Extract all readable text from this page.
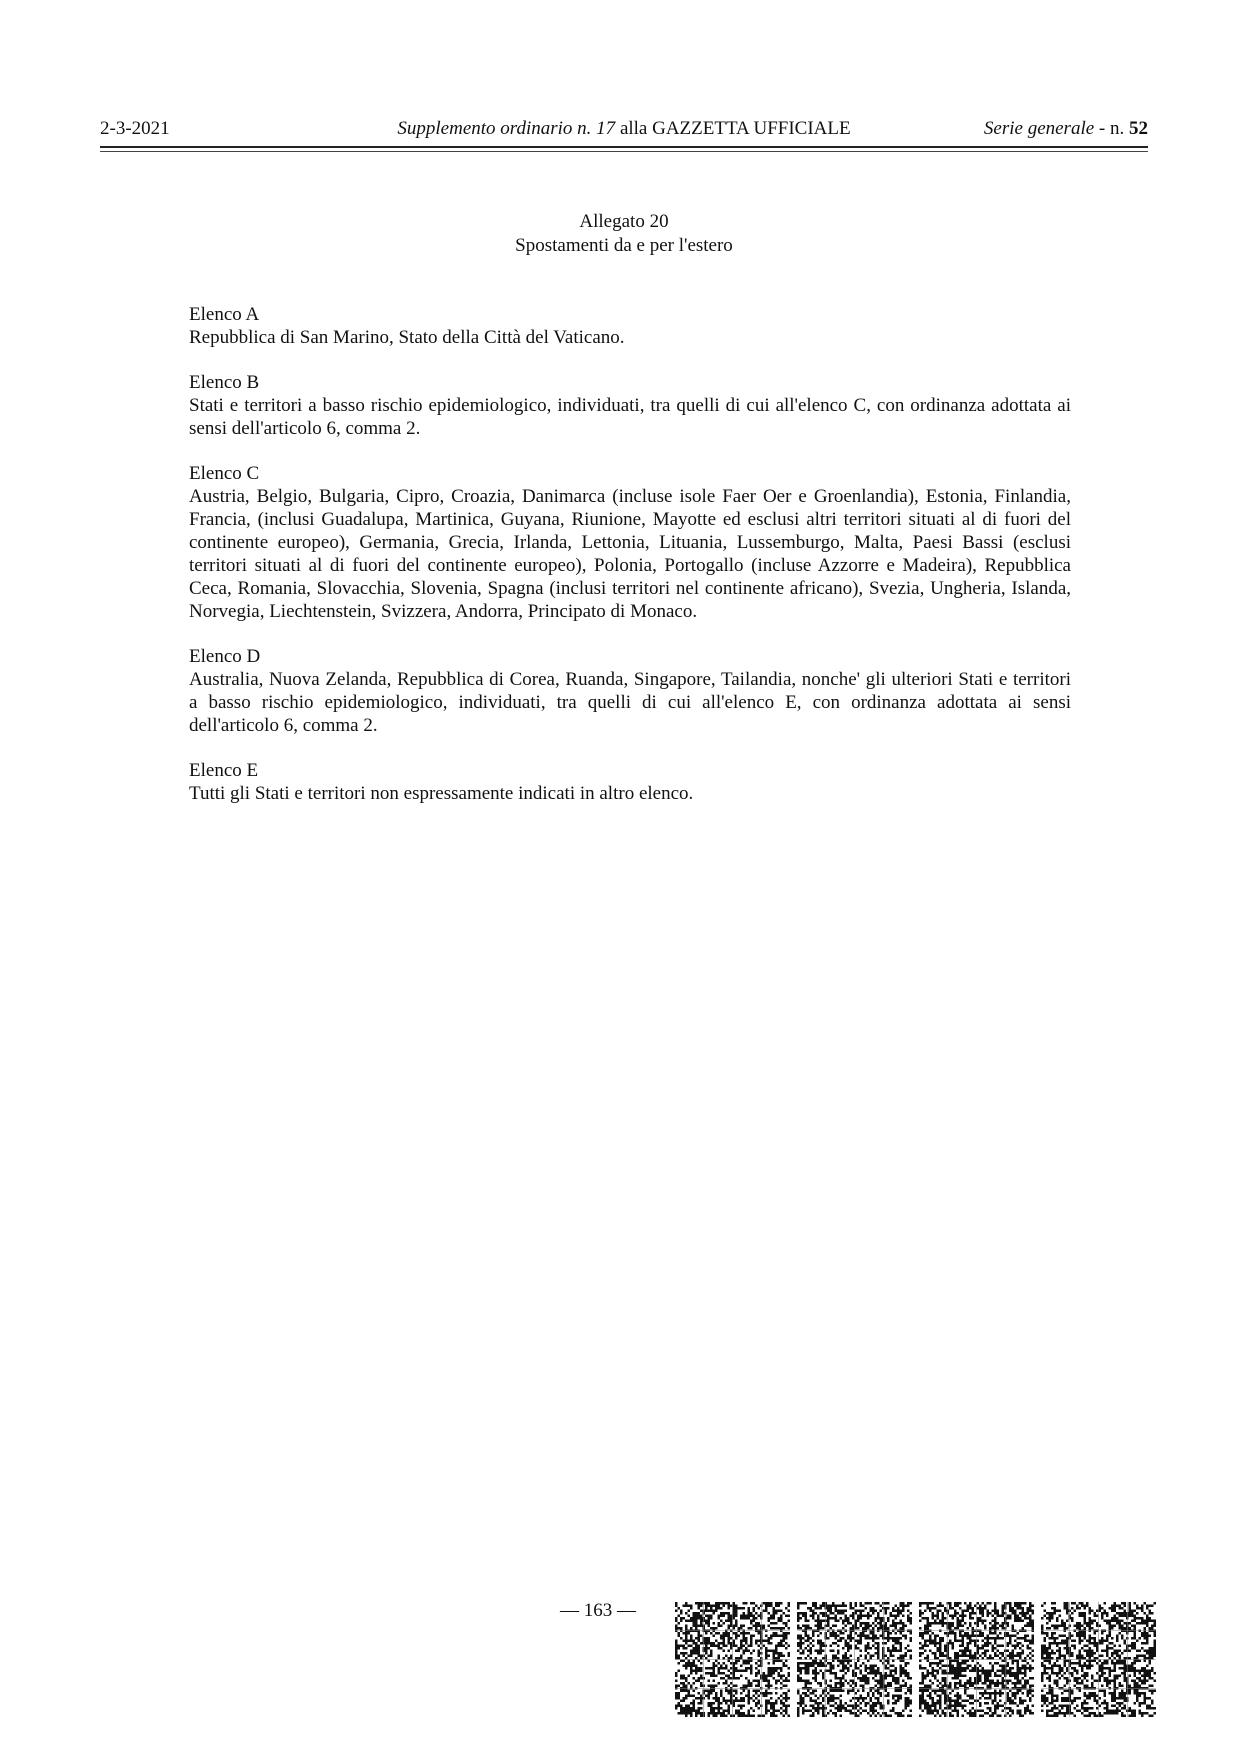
2-3-2021	Supplemento ordinario n. 17 alla GAZZETTA UFFICIALE	Serie generale - n. 52
Allegato 20
Spostamenti da e per l'estero
Elenco A
Repubblica di San Marino, Stato della Città del Vaticano.
Elenco B
Stati e territori a basso rischio epidemiologico, individuati, tra quelli di cui all'elenco C, con ordinanza adottata ai sensi dell'articolo 6, comma 2.
Elenco C
Austria, Belgio, Bulgaria, Cipro, Croazia, Danimarca (incluse isole Faer Oer e Groenlandia), Estonia, Finlandia, Francia, (inclusi Guadalupa, Martinica, Guyana, Riunione, Mayotte ed esclusi altri territori situati al di fuori del continente europeo), Germania, Grecia, Irlanda, Lettonia, Lituania, Lussemburgo, Malta, Paesi Bassi (esclusi territori situati al di fuori del continente europeo), Polonia, Portogallo (incluse Azzorre e Madeira), Repubblica Ceca, Romania, Slovacchia, Slovenia, Spagna (inclusi territori nel continente africano), Svezia, Ungheria, Islanda, Norvegia, Liechtenstein, Svizzera, Andorra, Principato di Monaco.
Elenco D
Australia, Nuova Zelanda, Repubblica di Corea, Ruanda, Singapore, Tailandia, nonche' gli ulteriori Stati e territori a basso rischio epidemiologico, individuati, tra quelli di cui all'elenco E, con ordinanza adottata ai sensi dell'articolo 6, comma 2.
Elenco E
Tutti gli Stati e territori non espressamente indicati in altro elenco.
— 163 —
